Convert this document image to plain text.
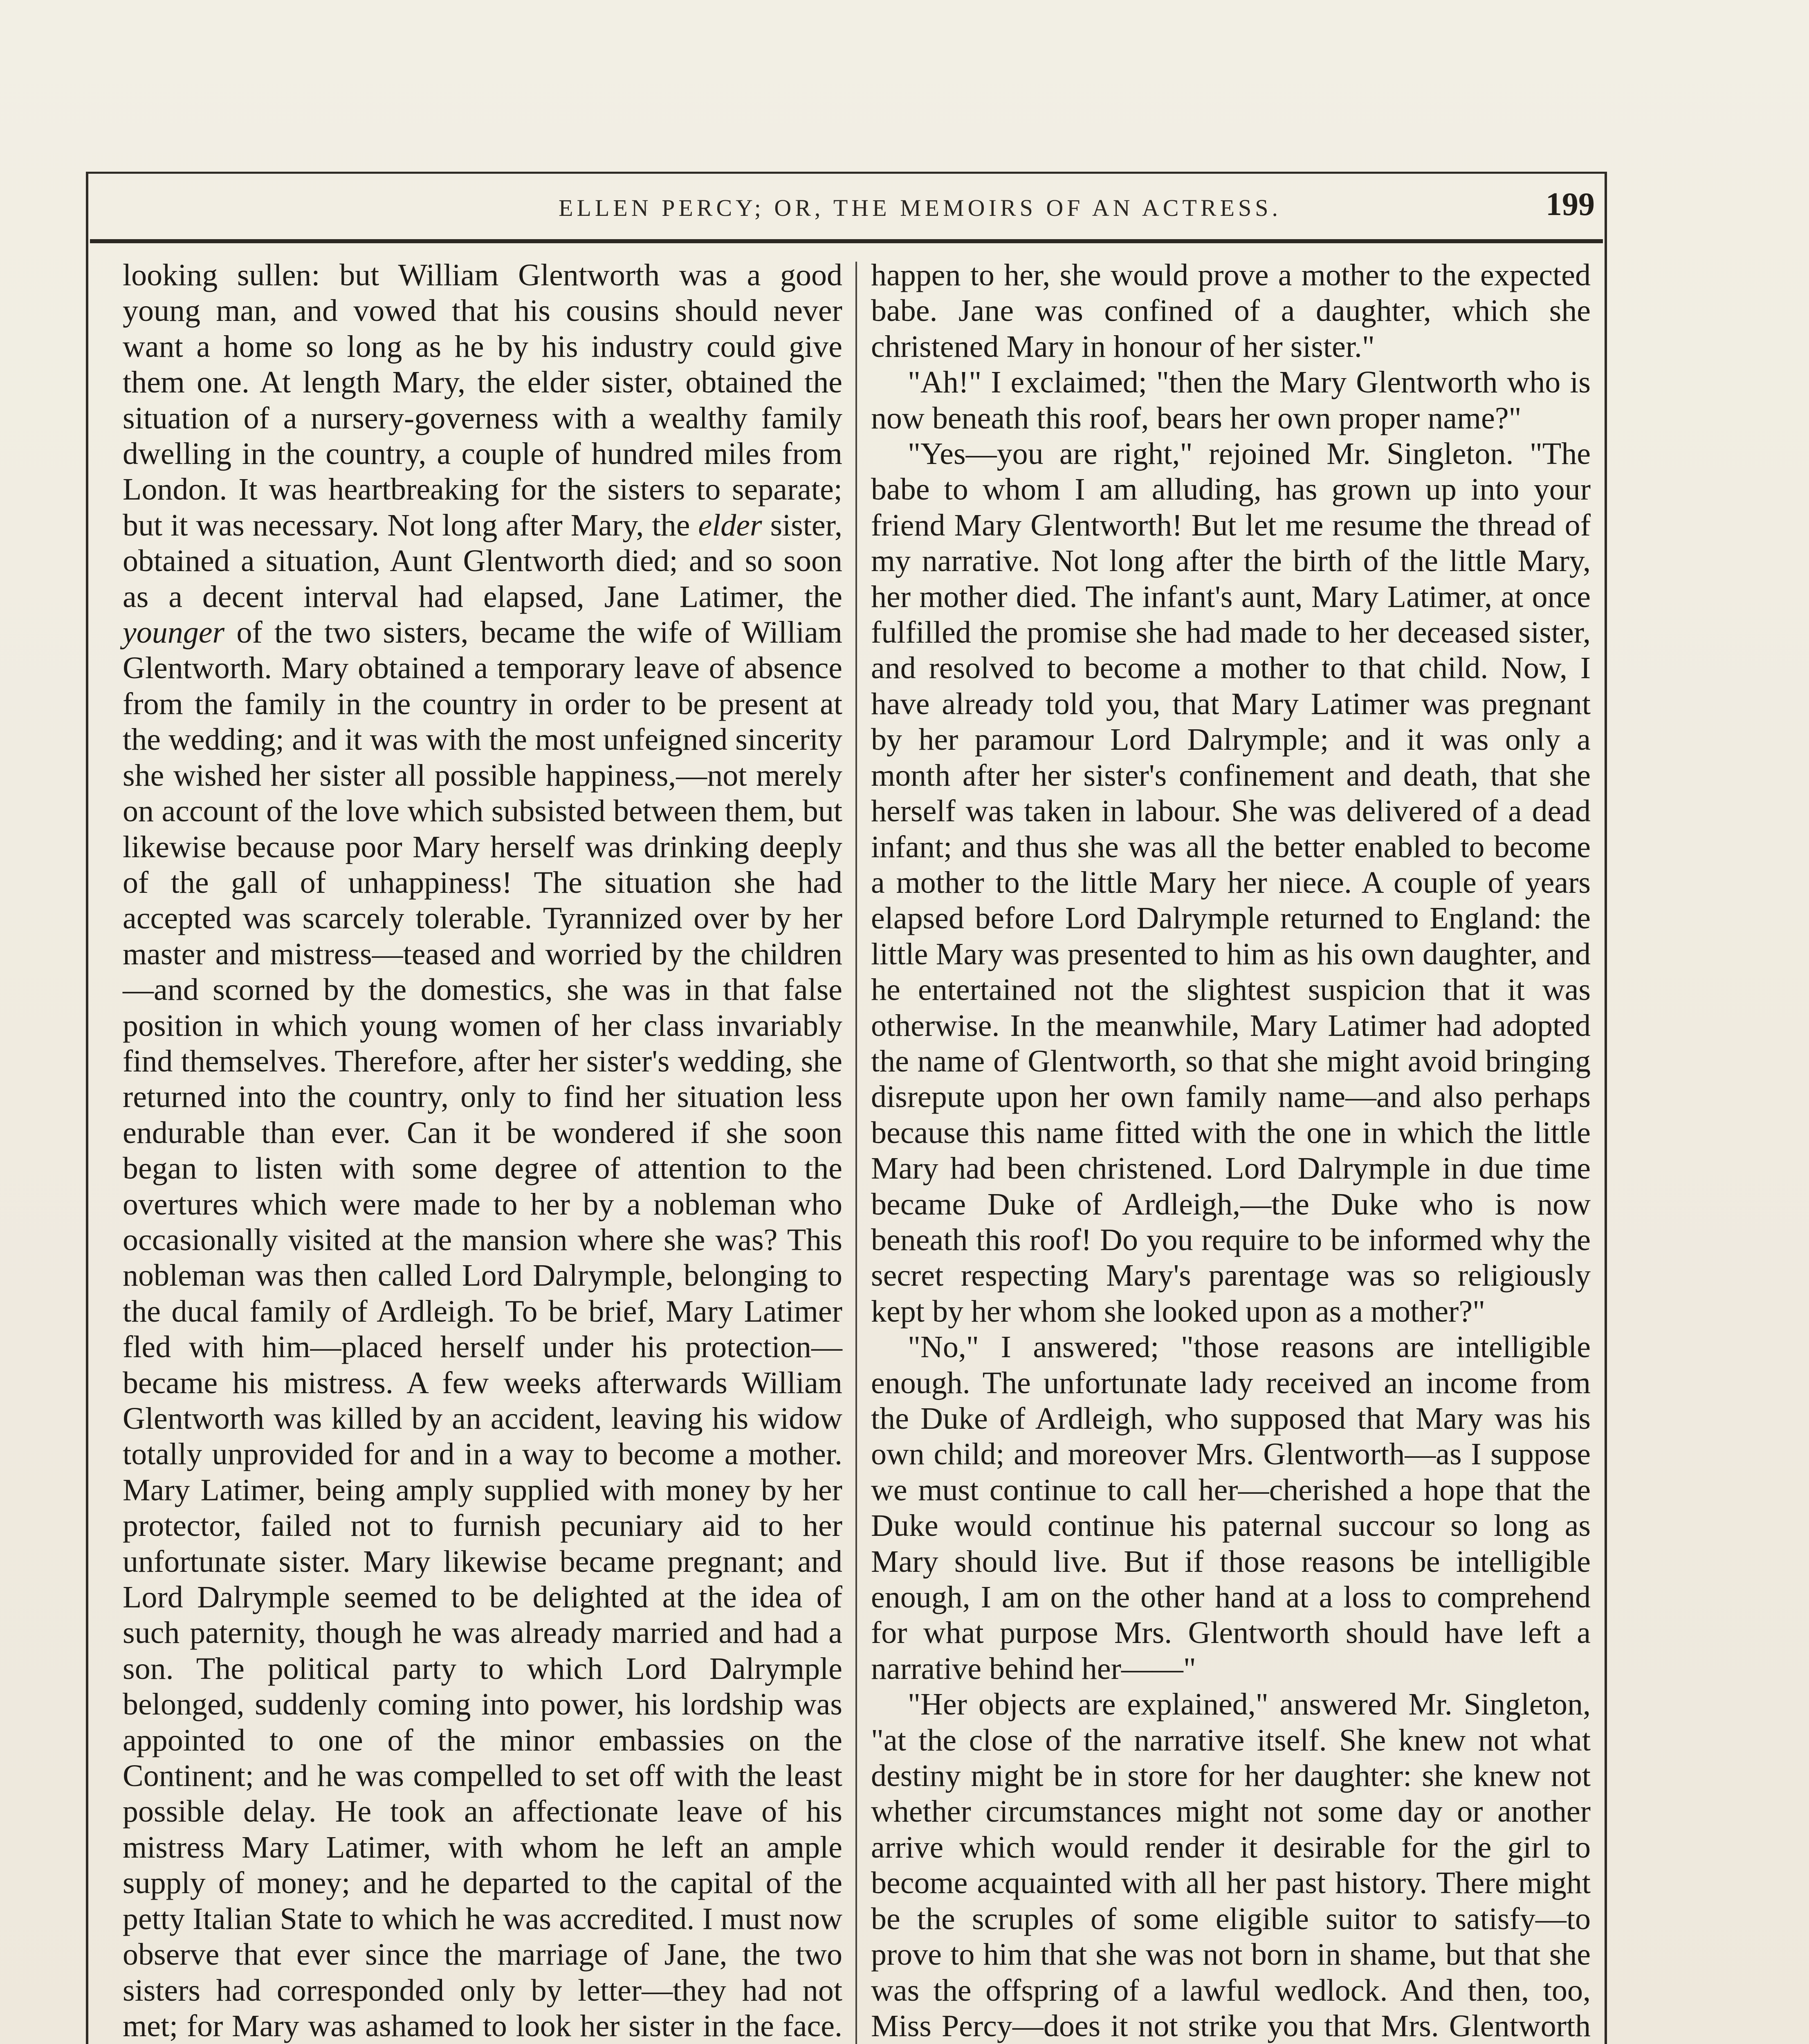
ELLEN PERCY; OR, THE MEMOIRS OF AN ACTRESS.	199

looking sullen: but William Glentworth was a good young man, and vowed that his cousins should never want a home so long as he by his industry could give them one. At length Mary, the elder sister, obtained the situation of a nursery-governess with a wealthy family dwelling in the country, a couple of hundred miles from London. It was heartbreaking for the sisters to separate; but it was necessary. Not long after Mary, the elder sister, obtained a situation, Aunt Glentworth died; and so soon as a decent interval had elapsed, Jane Latimer, the younger of the two sisters, became the wife of William Glentworth. Mary obtained a temporary leave of absence from the family in the country in order to be present at the wedding; and it was with the most unfeigned sincerity she wished her sister all possible happiness,—not merely on account of the love which subsisted between them, but likewise because poor Mary herself was drinking deeply of the gall of unhappiness! The situation she had accepted was scarcely tolerable. Tyrannized over by her master and mistress—teased and worried by the children—and scorned by the domestics, she was in that false position in which young women of her class invariably find themselves. Therefore, after her sister's wedding, she returned into the country, only to find her situation less endurable than ever. Can it be wondered if she soon began to listen with some degree of attention to the overtures which were made to her by a nobleman who occasionally visited at the mansion where she was? This nobleman was then called Lord Dalrymple, belonging to the ducal family of Ardleigh. To be brief, Mary Latimer fled with him—placed herself under his protection—became his mistress. A few weeks afterwards William Glentworth was killed by an accident, leaving his widow totally unprovided for and in a way to become a mother. Mary Latimer, being amply supplied with money by her protector, failed not to furnish pecuniary aid to her unfortunate sister. Mary likewise became pregnant; and Lord Dalrymple seemed to be delighted at the idea of such paternity, though he was already married and had a son. The political party to which Lord Dalrymple belonged, suddenly coming into power, his lordship was appointed to one of the minor embassies on the Continent; and he was compelled to set off with the least possible delay. He took an affectionate leave of his mistress Mary Latimer, with whom he left an ample supply of money; and he departed to the capital of the petty Italian State to which he was accredited. I must now observe that ever since the marriage of Jane, the two sisters had corresponded only by letter—they had not met; for Mary was ashamed to look her sister in the face.

happen to her, she would prove a mother to the expected babe. Jane was confined of a daughter, which she christened Mary in honour of her sister."

"Ah!" I exclaimed; "then the Mary Glentworth who is now beneath this roof, bears her own proper name?"

"Yes—you are right," rejoined Mr. Singleton. "The babe to whom I am alluding, has grown up into your friend Mary Glentworth! But let me resume the thread of my narrative. Not long after the birth of the little Mary, her mother died. The infant's aunt, Mary Latimer, at once fulfilled the promise she had made to her deceased sister, and resolved to become a mother to that child. Now, I have already told you, that Mary Latimer was pregnant by her paramour Lord Dalrymple; and it was only a month after her sister's confinement and death, that she herself was taken in labour. She was delivered of a dead infant; and thus she was all the better enabled to become a mother to the little Mary her niece. A couple of years elapsed before Lord Dalrymple returned to England: the little Mary was presented to him as his own daughter, and he entertained not the slightest suspicion that it was otherwise. In the meanwhile, Mary Latimer had adopted the name of Glentworth, so that she might avoid bringing disrepute upon her own family name—and also perhaps because this name fitted with the one in which the little Mary had been christened. Lord Dalrymple in due time became Duke of Ardleigh,—the Duke who is now beneath this roof! Do you require to be informed why the secret respecting Mary's parentage was so religiously kept by her whom she looked upon as a mother?"

"No," I answered; "those reasons are intelligible enough. The unfortunate lady received an income from the Duke of Ardleigh, who supposed that Mary was his own child; and moreover Mrs. Glentworth—as I suppose we must continue to call her—cherished a hope that the Duke would continue his paternal succour so long as Mary should live. But if those reasons be intelligible enough, I am on the other hand at a loss to comprehend for what purpose Mrs. Glentworth should have left a narrative behind her——"

"Her objects are explained," answered Mr. Singleton, "at the close of the narrative itself. She knew not what destiny might be in store for her daughter: she knew not whether circumstances might not some day or another arrive which would render it desirable for the girl to become acquainted with all her past history. There might be the scruples of some eligible suitor to satisfy—to prove to him that she was not born in shame, but that she was the offspring of a lawful wedlock. And then, too, Miss Percy—does it not strike you that Mrs. Glentworth
